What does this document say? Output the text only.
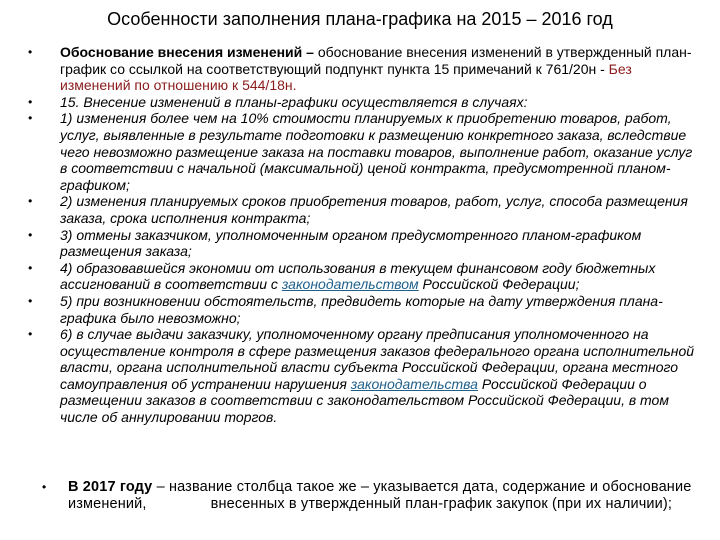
Особенности заполнения плана-графика на 2015 – 2016 год
• Обоснование внесения изменений – обоснование внесения изменений в утвержденный план-график со ссылкой на соответствующий подпункт пункта 15 примечаний к 761/20н - Без изменений по отношению к 544/18н.
• 15. Внесение изменений в планы-графики осуществляется в случаях:
• 1) изменения более чем на 10% стоимости планируемых к приобретению товаров, работ, услуг, выявленные в результате подготовки к размещению конкретного заказа, вследствие чего невозможно размещение заказа на поставки товаров, выполнение работ, оказание услуг в соответствии с начальной (максимальной) ценой контракта, предусмотренной планом-графиком;
• 2) изменения планируемых сроков приобретения товаров, работ, услуг, способа размещения заказа, срока исполнения контракта;
• 3) отмены заказчиком, уполномоченным органом предусмотренного планом-графиком размещения заказа;
• 4) образовавшейся экономии от использования в текущем финансовом году бюджетных ассигнований в соответствии с законодательством Российской Федерации;
• 5) при возникновении обстоятельств, предвидеть которые на дату утверждения плана-графика было невозможно;
• 6) в случае выдачи заказчику, уполномоченному органу предписания уполномоченного на осуществление контроля в сфере размещения заказов федерального органа исполнительной власти, органа исполнительной власти субъекта Российской Федерации, органа местного самоуправления об устранении нарушения законодательства Российской Федерации о размещении заказов в соответствии с законодательством Российской Федерации, в том числе об аннулировании торгов.
• В 2017 году – название столбца такое же – указывается дата, содержание и обоснование изменений,	внесенных в утвержденный план-график закупок (при их наличии);
